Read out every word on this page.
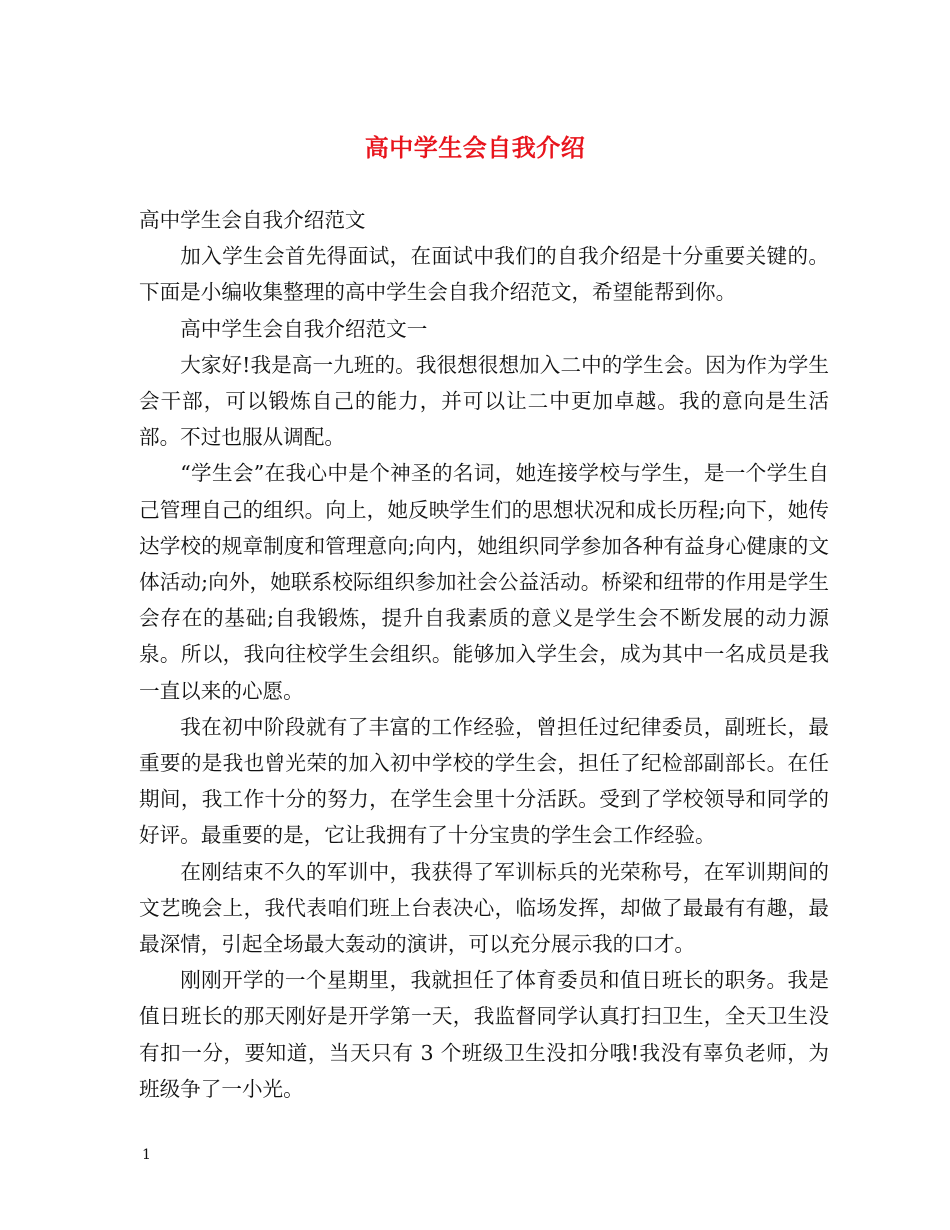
高中学生会自我介绍

高中学生会自我介绍范文

加入学生会首先得面试，在面试中我们的自我介绍是十分重要关键的。下面是小编收集整理的高中学生会自我介绍范文，希望能帮到你。

高中学生会自我介绍范文一

大家好!我是高一九班的。我很想很想加入二中的学生会。因为作为学生会干部，可以锻炼自己的能力，并可以让二中更加卓越。我的意向是生活部。不过也服从调配。

“学生会”在我心中是个神圣的名词，她连接学校与学生，是一个学生自己管理自己的组织。向上，她反映学生们的思想状况和成长历程;向下，她传达学校的规章制度和管理意向;向内，她组织同学参加各种有益身心健康的文体活动;向外，她联系校际组织参加社会公益活动。桥梁和纽带的作用是学生会存在的基础;自我锻炼，提升自我素质的意义是学生会不断发展的动力源泉。所以，我向往校学生会组织。能够加入学生会，成为其中一名成员是我一直以来的心愿。

我在初中阶段就有了丰富的工作经验，曾担任过纪律委员，副班长，最重要的是我也曾光荣的加入初中学校的学生会，担任了纪检部副部长。在任期间，我工作十分的努力，在学生会里十分活跃。受到了学校领导和同学的好评。最重要的是，它让我拥有了十分宝贵的学生会工作经验。

在刚结束不久的军训中，我获得了军训标兵的光荣称号，在军训期间的文艺晚会上，我代表咱们班上台表决心，临场发挥，却做了最最有有趣，最最深情，引起全场最大轰动的演讲，可以充分展示我的口才。

刚刚开学的一个星期里，我就担任了体育委员和值日班长的职务。我是值日班长的那天刚好是开学第一天，我监督同学认真打扫卫生，全天卫生没有扣一分，要知道，当天只有 3 个班级卫生没扣分哦!我没有辜负老师，为班级争了一小光。

1
